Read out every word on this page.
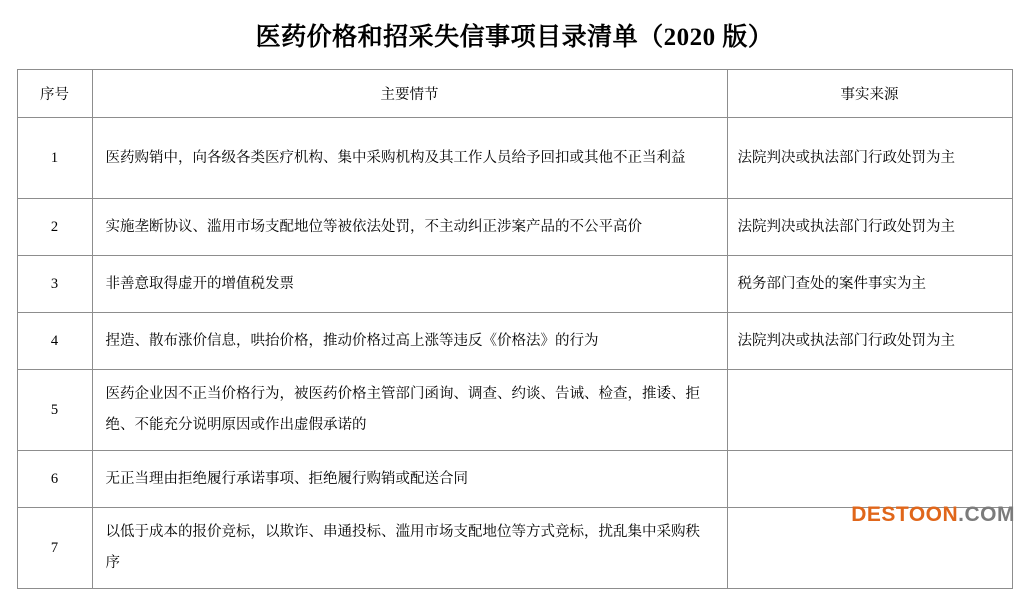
医药价格和招采失信事项目录清单（2020 版）
序号	主要情节	事实来源
1	医药购销中，向各级各类医疗机构、集中采购机构及其工作人员给予回扣或其他不正当利益	法院判决或执法部门行政处罚为主
2	实施垄断协议、滥用市场支配地位等被依法处罚，不主动纠正涉案产品的不公平高价	法院判决或执法部门行政处罚为主
3	非善意取得虚开的增值税发票	税务部门查处的案件事实为主
4	捏造、散布涨价信息，哄抬价格，推动价格过高上涨等违反《价格法》的行为	法院判决或执法部门行政处罚为主
5	医药企业因不正当价格行为，被医药价格主管部门函询、调查、约谈、告诫、检查，推诿、拒绝、不能充分说明原因或作出虚假承诺的	
6	无正当理由拒绝履行承诺事项、拒绝履行购销或配送合同	
7	以低于成本的报价竞标，以欺诈、串通投标、滥用市场支配地位等方式竞标，扰乱集中采购秩序	
DESTOON.COM
